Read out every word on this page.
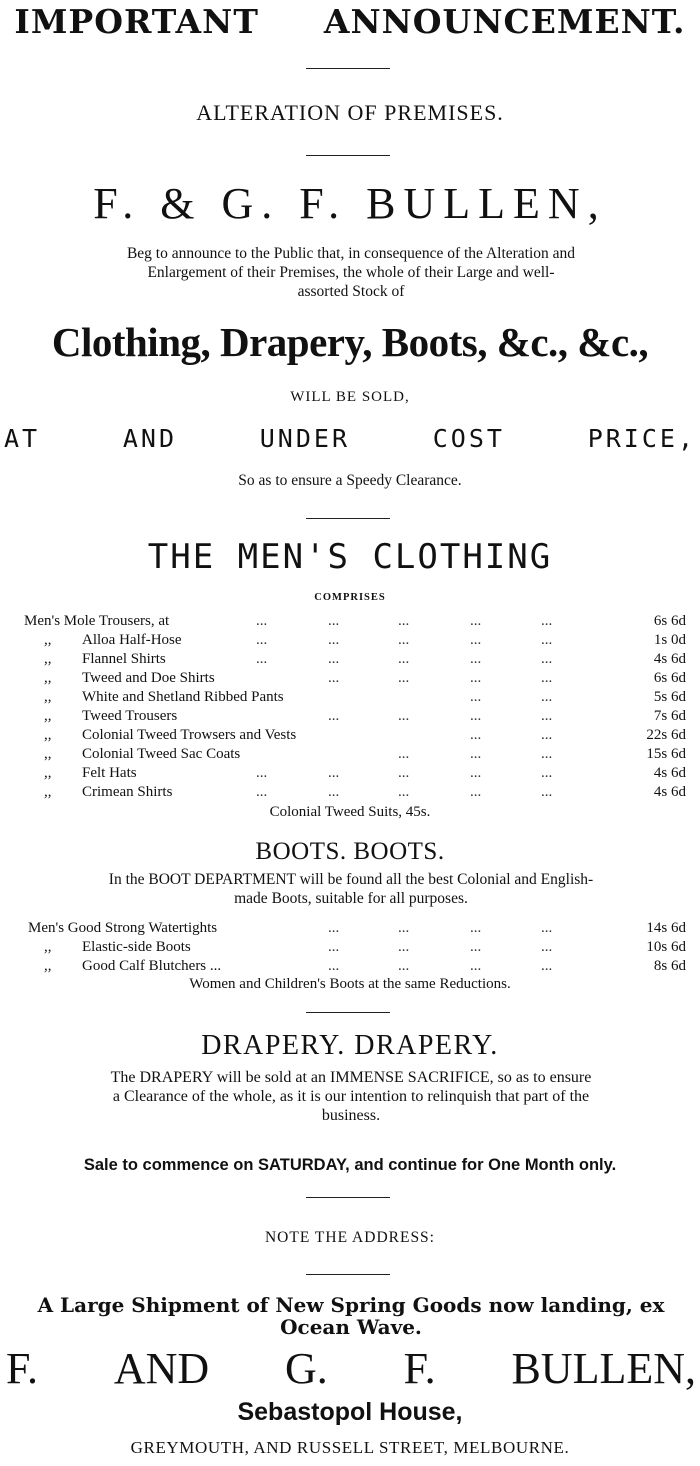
IMPORTANT ANNOUNCEMENT.
ALTERATION OF PREMISES.
F. & G. F. BULLEN,
Beg to announce to the Public that, in consequence of the Alteration and
Enlargement of their Premises, the whole of their Large and well-
assorted Stock of
Clothing, Drapery, Boots, &c., &c.,
WILL BE SOLD,
AT	AND	UNDER	COST	PRICE,
So as to ensure a Speedy Clearance.
THE MEN'S CLOTHING
COMPRISES
Men's Mole Trousers, at	...	...	...	...	...	6s 6d
,,	Alloa Half-Hose	...	...	...	...	...	1s 0d
,,	Flannel Shirts	...	...	...	...	...	4s 6d
,,	Tweed and Doe Shirts	...	...	...	...	6s 6d
,,	White and Shetland Ribbed Pants	...	...	5s 6d
,,	Tweed Trousers	...	...	...	...	7s 6d
,,	Colonial Tweed Trowsers and Vests	...	...	22s 6d
,,	Colonial Tweed Sac Coats	...	...	...	15s 6d
,,	Felt Hats	...	...	...	...	...	4s 6d
,,	Crimean Shirts	...	...	...	...	...	4s 6d
Colonial Tweed Suits, 45s.
BOOTS. BOOTS.
In the BOOT DEPARTMENT will be found all the best Colonial and English-
made Boots, suitable for all purposes.
Men's Good Strong Watertights	...	...	...	...	14s 6d
,,	Elastic-side Boots	...	...	...	...	10s 6d
,,	Good Calf Blutchers ...	...	...	...	...	8s 6d
Women and Children's Boots at the same Reductions.
DRAPERY. DRAPERY.
The DRAPERY will be sold at an IMMENSE SACRIFICE, so as to ensure
a Clearance of the whole, as it is our intention to relinquish that part of the
business.
Sale to commence on SATURDAY, and continue for One Month only.
NOTE THE ADDRESS:
A Large Shipment of New Spring Goods now landing, ex
Ocean Wave.
F. AND G. F. BULLEN,
Sebastopol House,
GREYMOUTH, AND RUSSELL STREET, MELBOURNE.
